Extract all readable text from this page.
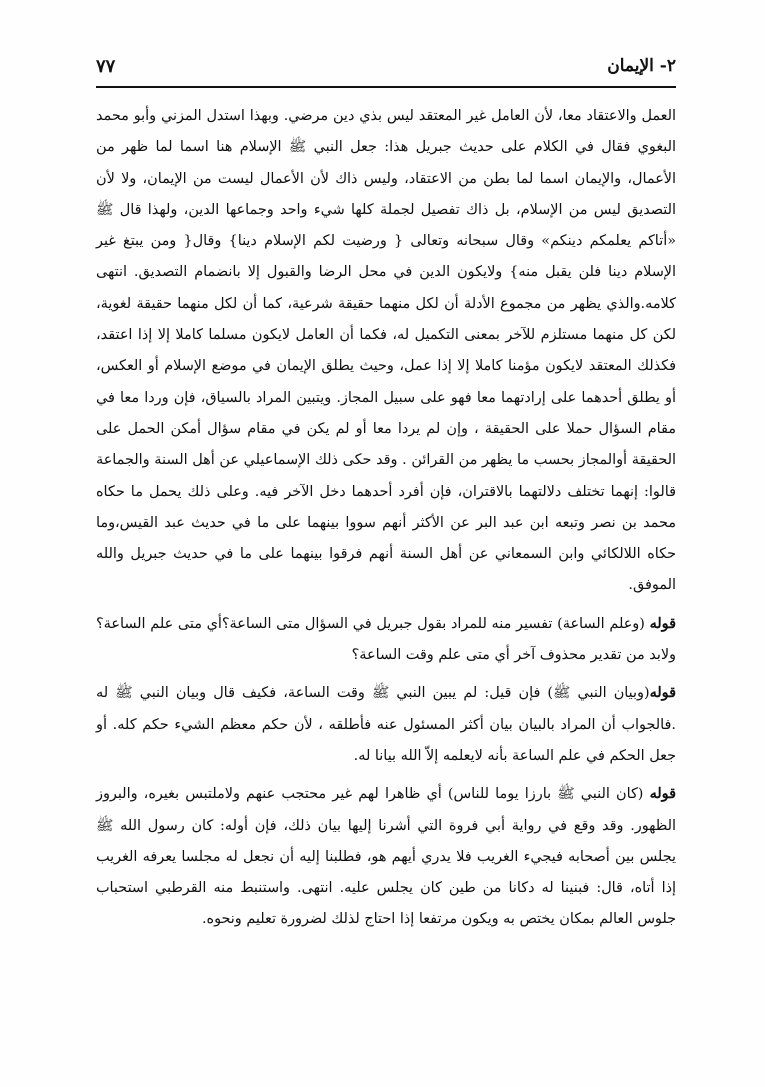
٢- الإيمان
٧٧

العمل والاعتقاد معا، لأن العامل غير المعتقد ليس بذي دين مرضي. وبهذا استدل المزني وأبو محمد البغوي فقال في الكلام على حديث جبريل هذا: جعل النبي ﷺ الإسلام هنا اسما لما ظهر من الأعمال، والإيمان اسما لما بطن من الاعتقاد، وليس ذاك لأن الأعمال ليست من الإيمان، ولا لأن التصديق ليس من الإسلام، بل ذاك تفصيل لجملة كلها شيء واحد وجماعها الدين، ولهذا قال ﷺ «أتاكم يعلمكم دينكم» وقال سبحانه وتعالى { ورضيت لكم الإسلام دينا} وقال{ ومن يبتغ غير الإسلام دينا فلن يقبل منه} ولايكون الدين في محل الرضا والقبول إلا بانضمام التصديق. انتهى كلامه.والذي يظهر من مجموع الأدلة أن لكل منهما حقيقة شرعية، كما أن لكل منهما حقيقة لغوية، لكن كل منهما مستلزم للآخر بمعنى التكميل له، فكما أن العامل لايكون مسلما كاملا إلا إذا اعتقد، فكذلك المعتقد لايكون مؤمنا كاملا إلا إذا عمل، وحيث يطلق الإيمان في موضع الإسلام أو العكس، أو يطلق أحدهما على إرادتهما معا فهو على سبيل المجاز. ويتبين المراد بالسياق، فإن وردا معا في مقام السؤال حملا على الحقيقة ، وإن لم يردا معا أو لم يكن في مقام سؤال أمكن الحمل على الحقيقة أوالمجاز بحسب ما يظهر من القرائن . وقد حكى ذلك الإسماعيلي عن أهل السنة والجماعة قالوا: إنهما تختلف دلالتهما بالاقتران، فإن أفرد أحدهما دخل الآخر فيه. وعلى ذلك يحمل ما حكاه محمد بن نصر وتبعه ابن عبد البر عن الأكثر أنهم سووا بينهما على ما في حديث عبد القيس،وما حكاه اللالكائي وابن السمعاني عن أهل السنة أنهم فرقوا بينهما على ما في حديث جبريل والله الموفق.

قوله (وعلم الساعة) تفسير منه للمراد بقول جبريل في السؤال متى الساعة؟أي متى علم الساعة؟ ولابد من تقدير محذوف آخر أي متى علم وقت الساعة؟

قوله(وبيان النبي ﷺ) فإن قيل: لم يبين النبي ﷺ وقت الساعة، فكيف قال وبيان النبي ﷺ له .فالجواب أن المراد بالبيان بيان أكثر المسئول عنه فأطلقه ، لأن حكم معظم الشيء حكم كله. أو جعل الحكم في علم الساعة بأنه لايعلمه إلاّ الله بيانا له.

قوله (كان النبي ﷺ بارزا يوما للناس) أي ظاهرا لهم غير محتجب عنهم ولاملتبس بغيره، والبروز الظهور. وقد وقع في رواية أبي فروة التي أشرنا إليها بيان ذلك، فإن أوله: كان رسول الله ﷺ يجلس بين أصحابه فيجيء الغريب فلا يدري أيهم هو، فطلبنا إليه أن نجعل له مجلسا يعرفه الغريب إذا أتاه، قال: فبنينا له دكانا من طين كان يجلس عليه. انتهى. واستنبط منه القرطبي استحباب جلوس العالم بمكان يختص به ويكون مرتفعا إذا احتاج لذلك لضرورة تعليم ونحوه.
